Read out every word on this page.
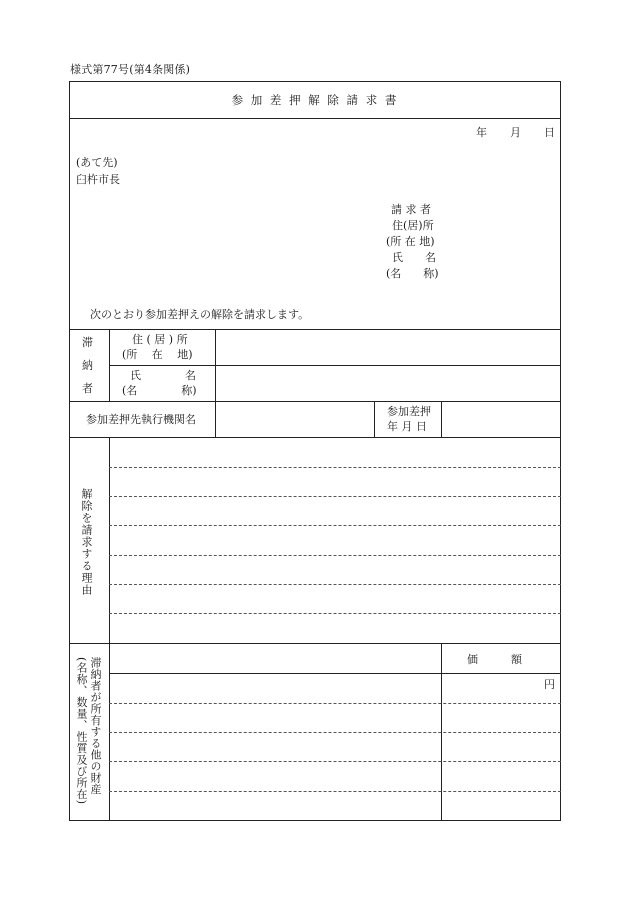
様式第77号(第4条関係)
参 加 差 押 解 除 請 求 書
年 月 日
(あて先)
臼杵市長
請 求 者
住(居)所
(所 在 地)
氏　　名
(名　　称)
次のとおり参加差押えの解除を請求します。
滞
納
者
住 ( 居 ) 所
(所　 在　 地)
氏　　　　名
(名　　　　称)
参加差押先執行機関名
参加差押
年 月 日
解除を請求する理由
滞納者が所有する他の財産
(名称、数量、性質及び所在)	価　　　額
円
